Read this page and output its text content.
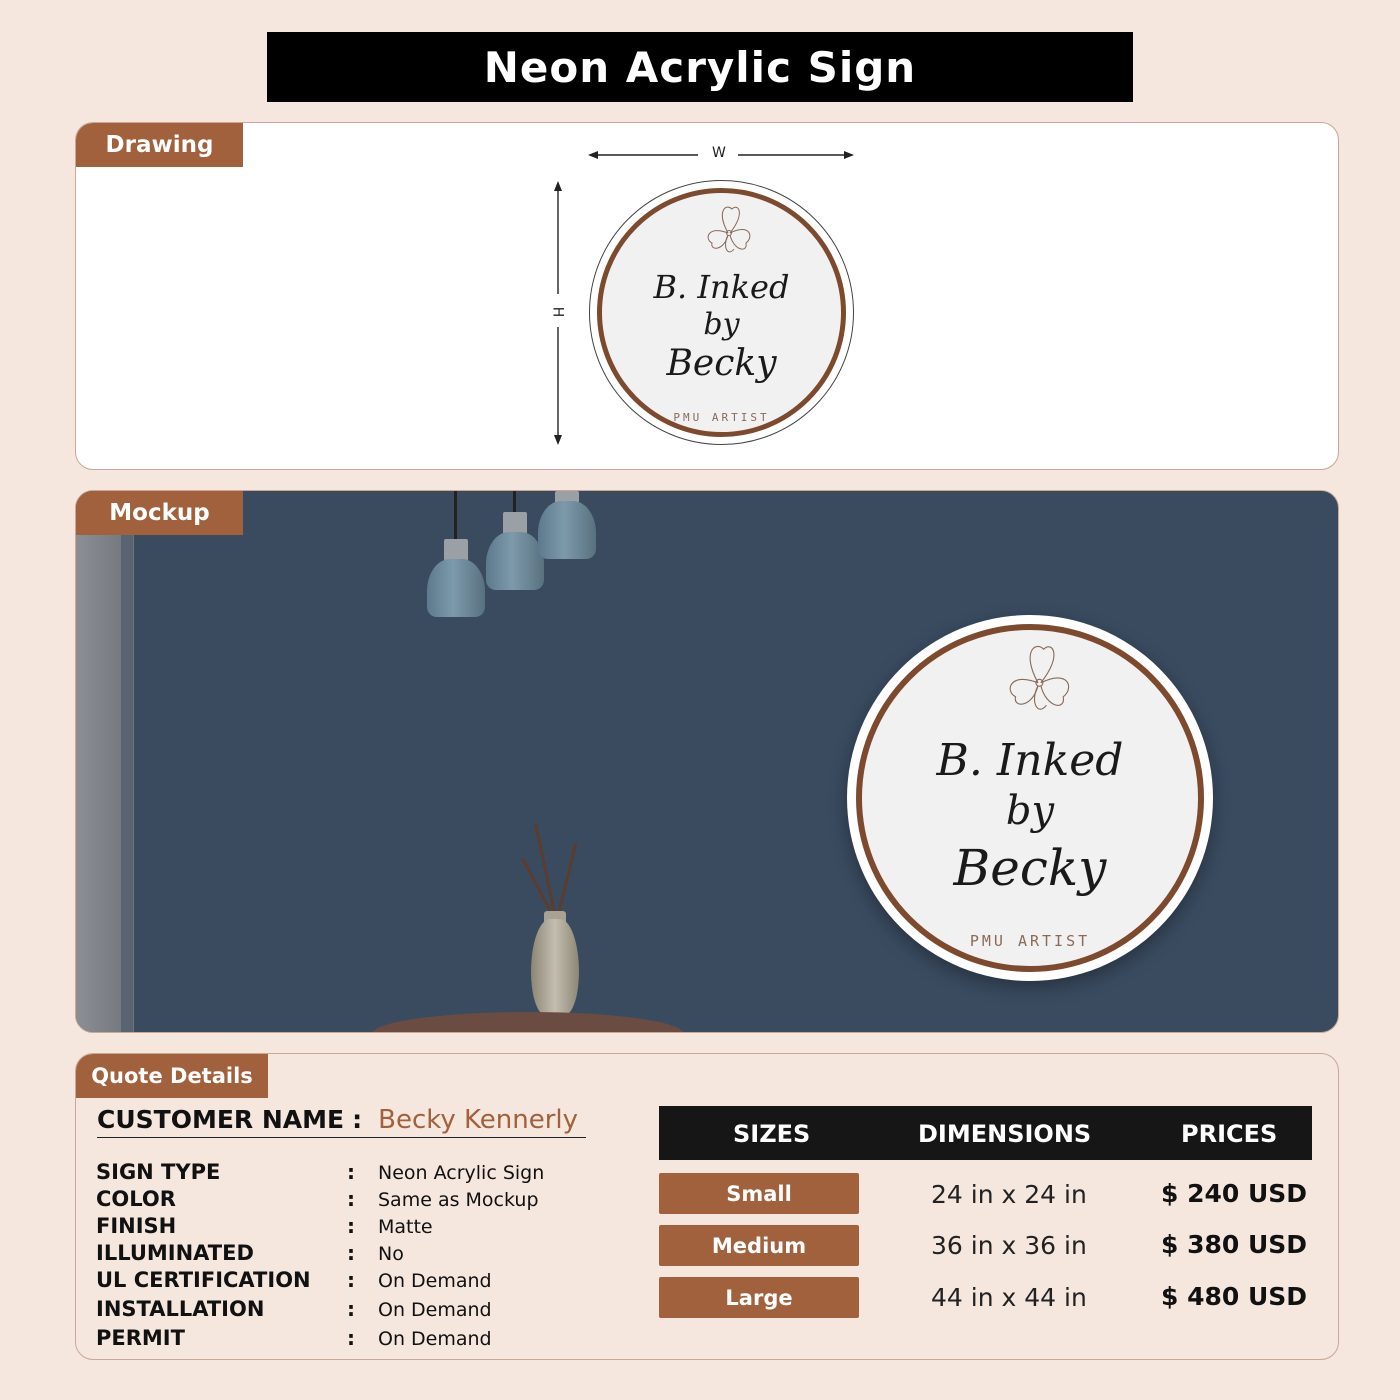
Neon Acrylic Sign
Drawing	W
H
B. Inked
by
Becky
PMU ARTIST
Mockup
B. Inked
by
Becky
PMU ARTIST
Quote Details
CUSTOMER NAME : Becky Kennerly
SIGN TYPE	: Neon Acrylic Sign
COLOR	: Same as Mockup
FINISH	: Matte
ILLUMINATED	: No
UL CERTIFICATION : On Demand
INSTALLATION	: On Demand
PERMIT	: On Demand
SIZES	DIMENSIONS	PRICES
Small	24 in x 24 in	$ 240 USD
Medium	36 in x 36 in	$ 380 USD
Large	44 in x 44 in	$ 480 USD
